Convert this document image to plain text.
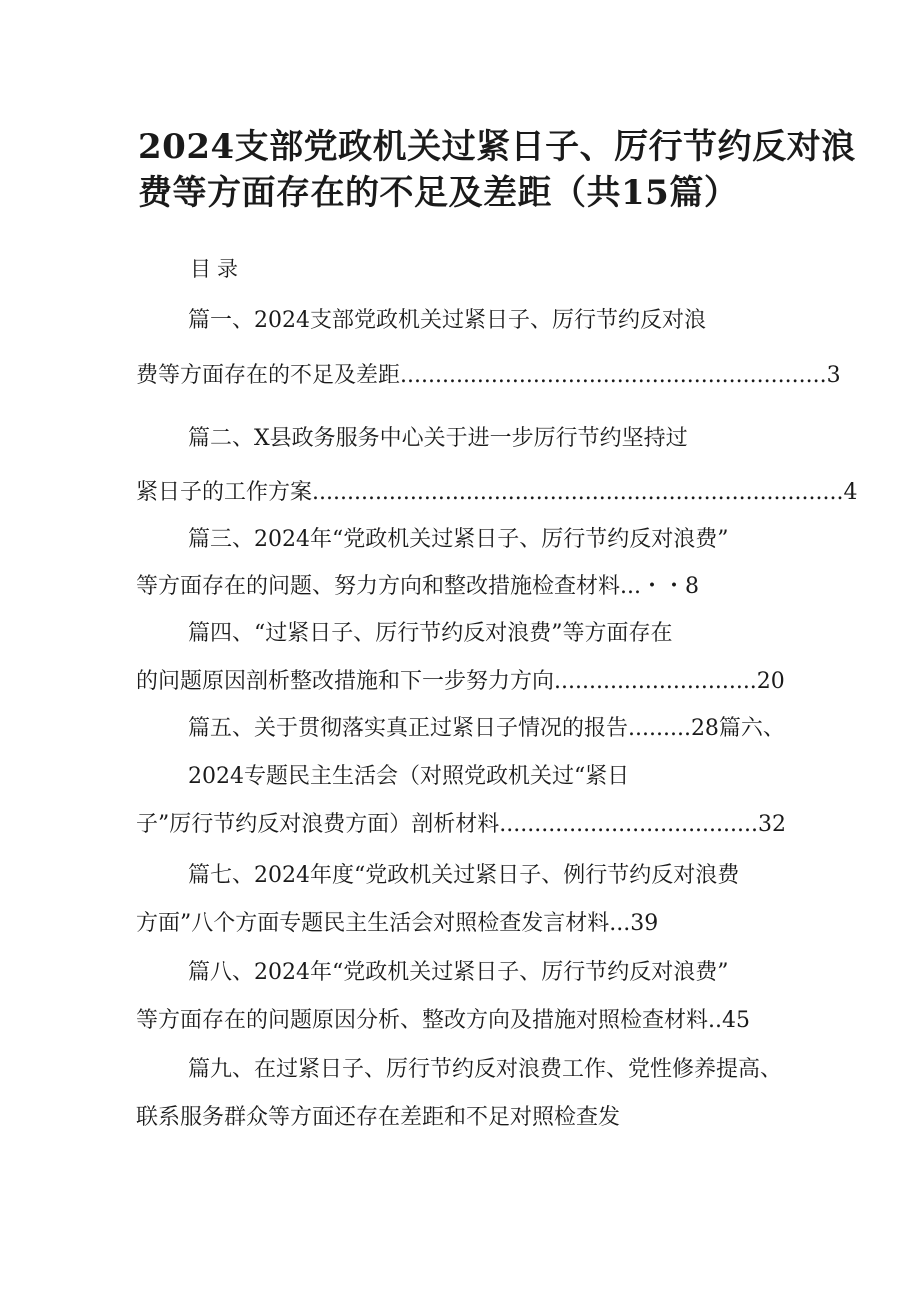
2024支部党政机关过紧日子、厉行节约反对浪
费等方面存在的不足及差距（共15篇）
目录
篇一、2024支部党政机关过紧日子、厉行节约反对浪
费等方面存在的不足及差距.............................................................3
篇二、X县政务服务中心关于进一步厉行节约坚持过
紧日子的工作方案............................................................................4
篇三、2024年“党政机关过紧日子、厉行节约反对浪费”
等方面存在的问题、努力方向和整改措施检查材料...・・8
篇四、“过紧日子、厉行节约反对浪费”等方面存在
的问题原因剖析整改措施和下一步努力方向.............................20
篇五、关于贯彻落实真正过紧日子情况的报告.........28篇六、
2024专题民主生活会（对照党政机关过“紧日
子”厉行节约反对浪费方面）剖析材料.....................................32
篇七、2024年度“党政机关过紧日子、例行节约反对浪费
方面”八个方面专题民主生活会对照检查发言材料...39
篇八、2024年“党政机关过紧日子、厉行节约反对浪费”
等方面存在的问题原因分析、整改方向及措施对照检查材料..45
篇九、在过紧日子、厉行节约反对浪费工作、党性修养提高、
联系服务群众等方面还存在差距和不足对照检查发
